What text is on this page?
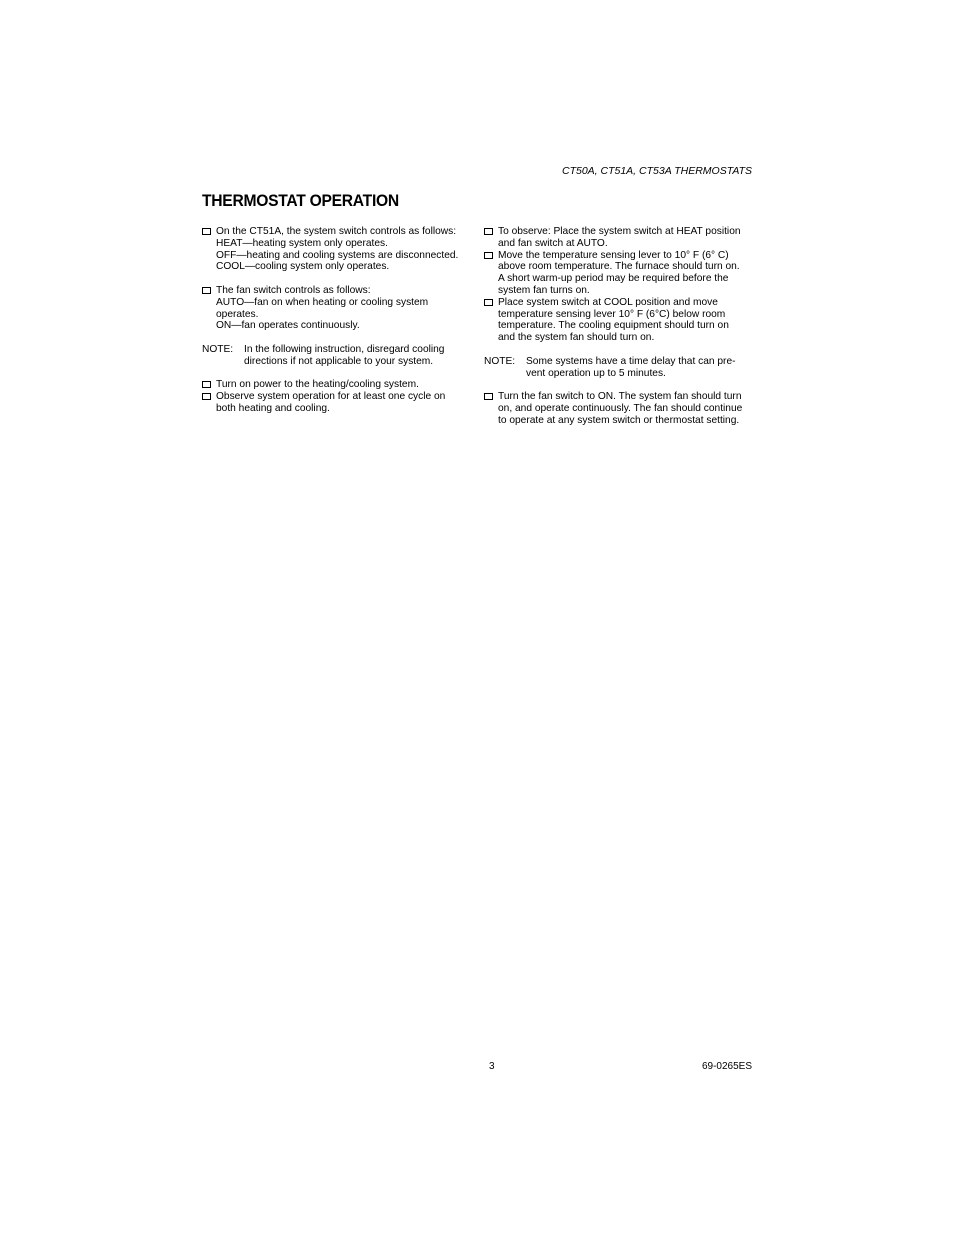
CT50A, CT51A, CT53A THERMOSTATS
THERMOSTAT OPERATION
On the CT51A, the system switch controls as follows:
HEAT—heating system only operates.
OFF—heating and cooling systems are disconnected.
COOL—cooling system only operates.
The fan switch controls as follows:
AUTO—fan on when heating or cooling system
operates.
ON—fan operates continuously.
NOTE:	In the following instruction, disregard cooling
directions if not applicable to your system.
Turn on power to the heating/cooling system.
Observe system operation for at least one cycle on
both heating and cooling.
To observe: Place the system switch at HEAT position
and fan switch at AUTO.
Move the temperature sensing lever to 10° F (6° C)
above room temperature. The furnace should turn on.
A short warm-up period may be required before the
system fan turns on.
Place system switch at COOL position and move
temperature sensing lever 10° F (6°C) below room
temperature. The cooling equipment should turn on
and the system fan should turn on.
NOTE:	Some systems have a time delay that can pre-
vent operation up to 5 minutes.
Turn the fan switch to ON. The system fan should turn
on, and operate continuously. The fan should continue
to operate at any system switch or thermostat setting.
3	69-0265ES
